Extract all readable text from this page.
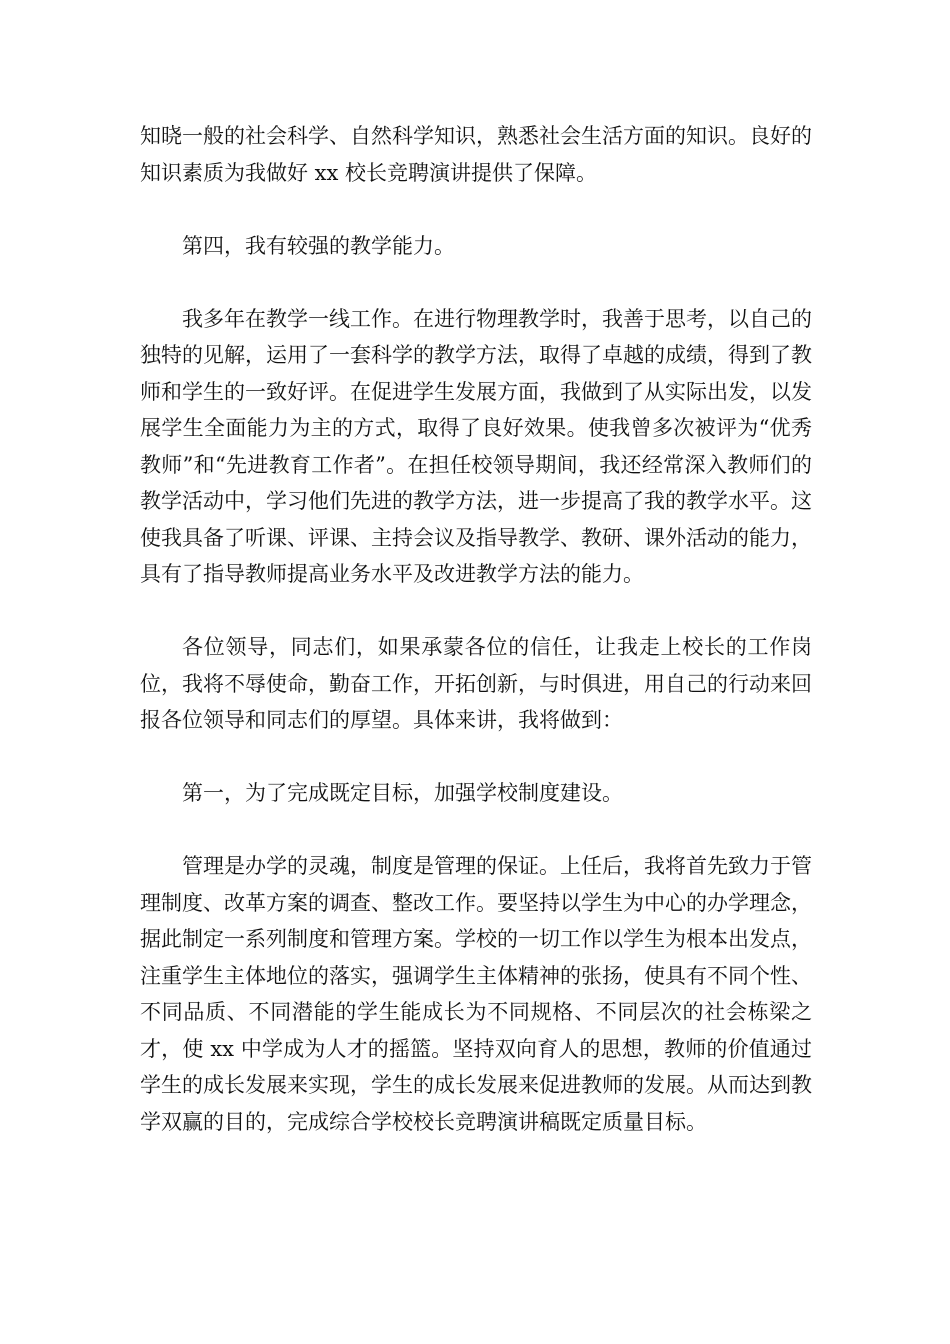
知晓一般的社会科学、自然科学知识，熟悉社会生活方面的知识。良好的知识素质为我做好 xx 校长竞聘演讲提供了保障。

第四，我有较强的教学能力。

我多年在教学一线工作。在进行物理教学时，我善于思考，以自己的独特的见解，运用了一套科学的教学方法，取得了卓越的成绩，得到了教师和学生的一致好评。在促进学生发展方面，我做到了从实际出发，以发展学生全面能力为主的方式，取得了良好效果。使我曾多次被评为“优秀教师”和“先进教育工作者”。在担任校领导期间，我还经常深入教师们的教学活动中，学习他们先进的教学方法，进一步提高了我的教学水平。这使我具备了听课、评课、主持会议及指导教学、教研、课外活动的能力，具有了指导教师提高业务水平及改进教学方法的能力。

各位领导，同志们，如果承蒙各位的信任，让我走上校长的工作岗位，我将不辱使命，勤奋工作，开拓创新，与时俱进，用自己的行动来回报各位领导和同志们的厚望。具体来讲，我将做到：

第一，为了完成既定目标，加强学校制度建设。

管理是办学的灵魂，制度是管理的保证。上任后，我将首先致力于管理制度、改革方案的调查、整改工作。要坚持以学生为中心的办学理念，据此制定一系列制度和管理方案。学校的一切工作以学生为根本出发点，注重学生主体地位的落实，强调学生主体精神的张扬，使具有不同个性、不同品质、不同潜能的学生能成长为不同规格、不同层次的社会栋梁之才，使 xx 中学成为人才的摇篮。坚持双向育人的思想，教师的价值通过学生的成长发展来实现，学生的成长发展来促进教师的发展。从而达到教学双赢的目的，完成综合学校校长竞聘演讲稿既定质量目标。
